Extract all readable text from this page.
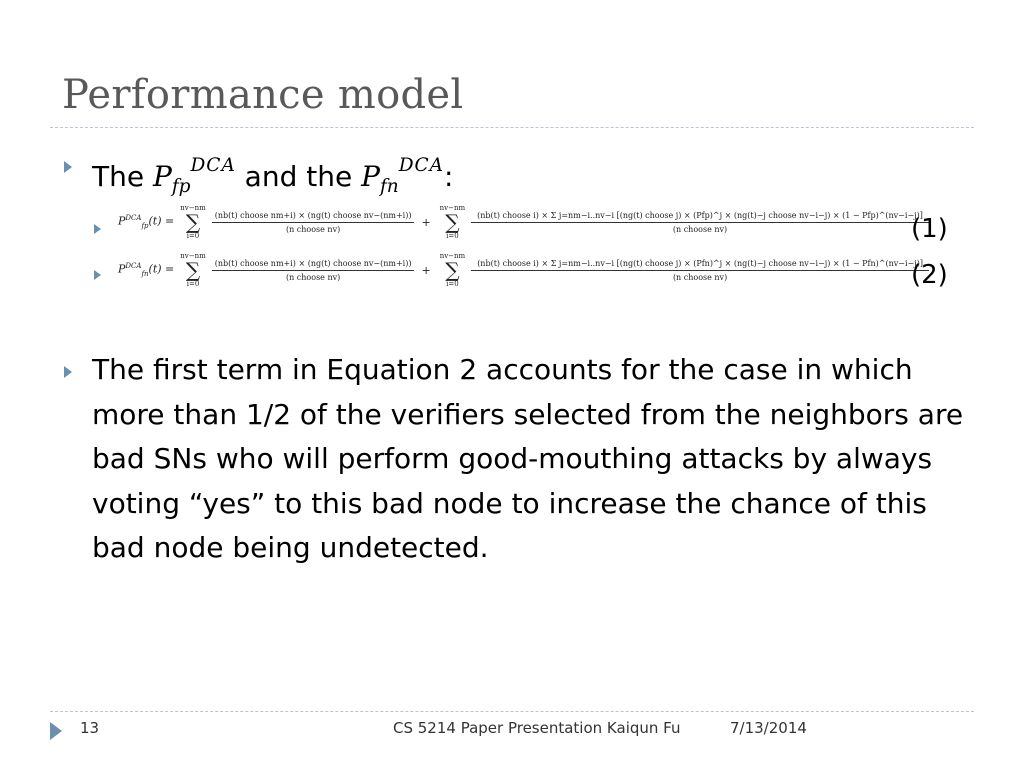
Performance model
The $P_{fp}^{DCA}$ and the $P_{fn}^{DCA}$:
$P^{DCA}_{fp}(t)$ =
nv−nm
∑
i=0
$\frac{\text{(nb(t) choose nm+i) × (ng(t) choose nv−(nm+i))}}{\text{(n choose nv)}}$ +
nv−nm
∑
i=0
(nb(t) choose i) × Σ j=nm−i..nv−i [(ng(t) choose j) × (Pfp)^j × (ng(t)−j choose nv−i−j) × (1 − Pfp)^(nv−i−j)]
(n choose nv)	(1)
$P^{DCA}_{fn}(t)$ =
nv−nm
∑
i=0
$\frac{\text{(nb(t) choose nm+i) × (ng(t) choose nv−(nm+i))}}{\text{(n choose nv)}}$ +
nv−nm
∑
i=0
(nb(t) choose i) × Σ j=nm−i..nv−i [(ng(t) choose j) × (Pfn)^j × (ng(t)−j choose nv−i−j) × (1 − Pfn)^(nv−i−j)]
(n choose nv)	(2)
The first term in Equation 2 accounts for the case in which more than 1/2 of the verifiers selected from the neighbors are bad SNs who will perform good-mouthing attacks by always voting “yes” to this bad node to increase the chance of this bad node being undetected.
13	CS 5214 Paper Presentation Kaiqun Fu	7/13/2014
